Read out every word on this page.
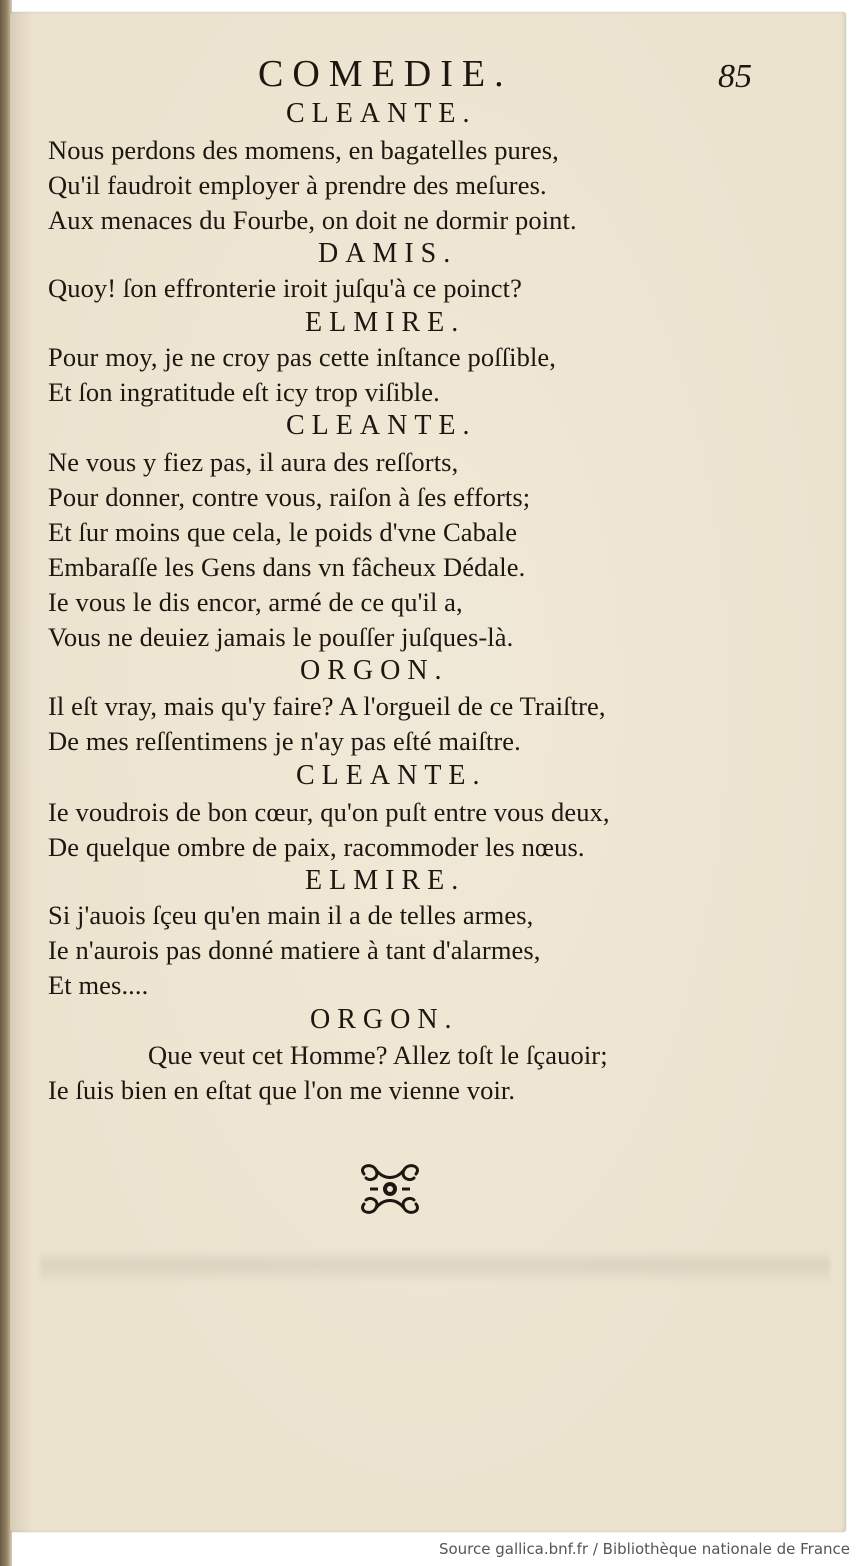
COMEDIE.	85
CLEANTE.
Nous perdons des momens, en bagatelles pures,
Qu'il faudroit employer à prendre des meſures.
Aux menaces du Fourbe, on doit ne dormir point.
DAMIS.
Quoy! ſon effronterie iroit juſqu'à ce poinct?
ELMIRE.
Pour moy, je ne croy pas cette inſtance poſſible,
Et ſon ingratitude eſt icy trop viſible.
CLEANTE.
Ne vous y fiez pas, il aura des reſſorts,
Pour donner, contre vous, raiſon à ſes efforts;
Et ſur moins que cela, le poids d'vne Cabale
Embaraſſe les Gens dans vn fâcheux Dédale.
Ie vous le dis encor, armé de ce qu'il a,
Vous ne deuiez jamais le pouſſer juſques-là.
ORGON.
Il eſt vray, mais qu'y faire? A l'orgueil de ce Traiſtre,
De mes reſſentimens je n'ay pas eſté maiſtre.
CLEANTE.
Ie voudrois de bon cœur, qu'on puſt entre vous deux,
De quelque ombre de paix, racommoder les nœus.
ELMIRE.
Si j'auois ſçeu qu'en main il a de telles armes,
Ie n'aurois pas donné matiere à tant d'alarmes,
Et mes....
ORGON.
Que veut cet Homme? Allez toſt le ſçauoir;
Ie ſuis bien en eſtat que l'on me vienne voir.
Source gallica.bnf.fr / Bibliothèque nationale de France
